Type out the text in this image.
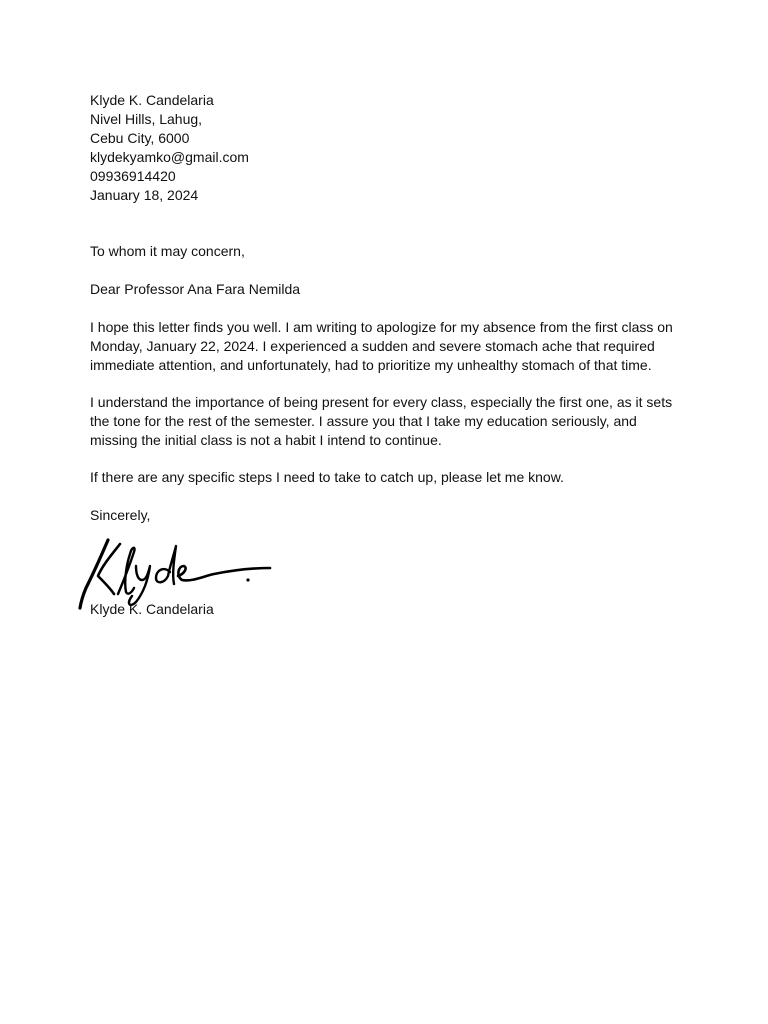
Klyde K. Candelaria
Nivel Hills, Lahug,
Cebu City, 6000
klydekyamko@gmail.com
09936914420
January 18, 2024

To whom it may concern,

Dear Professor Ana Fara Nemilda

I hope this letter finds you well. I am writing to apologize for my absence from the first class on Monday, January 22, 2024. I experienced a sudden and severe stomach ache that required immediate attention, and unfortunately, had to prioritize my unhealthy stomach of that time.

I understand the importance of being present for every class, especially the first one, as it sets the tone for the rest of the semester. I assure you that I take my education seriously, and missing the initial class is not a habit I intend to continue.

If there are any specific steps I need to take to catch up, please let me know.

Sincerely,

Klyde K. Candelaria
